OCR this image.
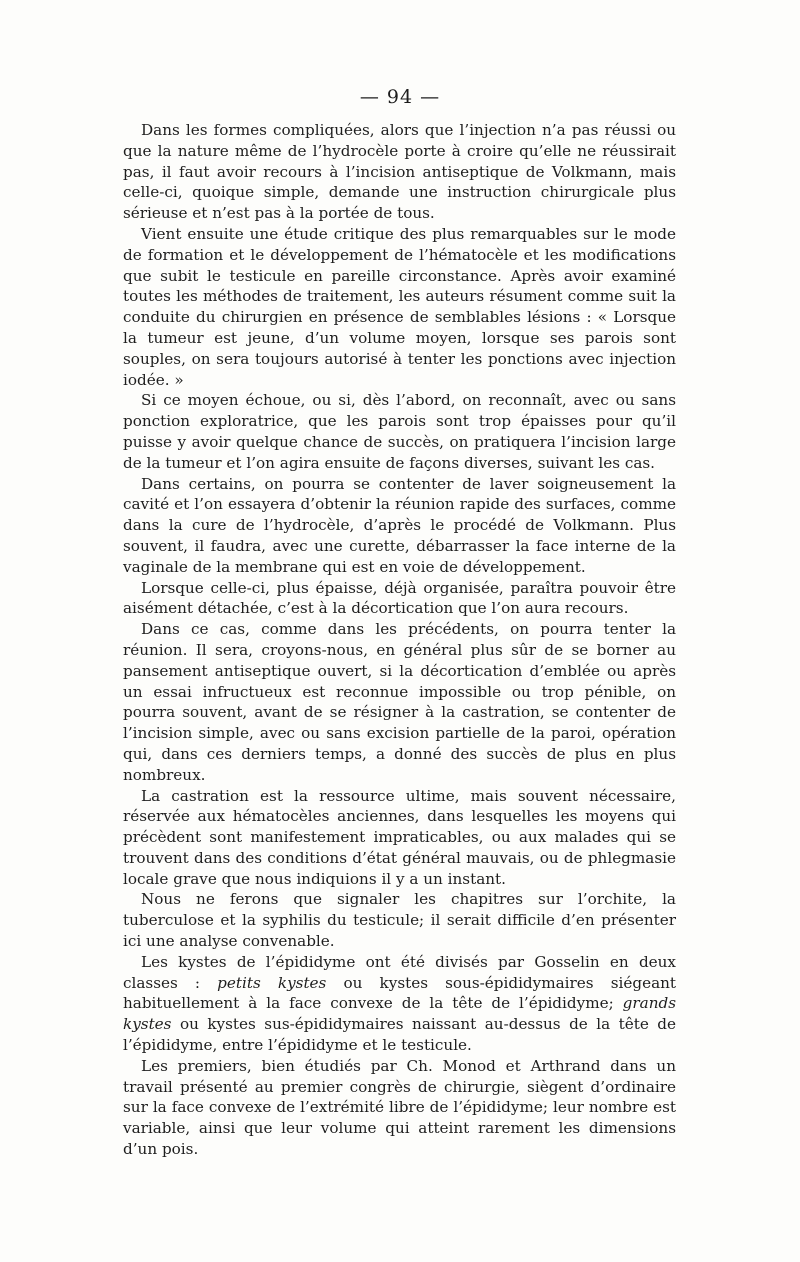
— 94 —

Dans les formes compliquées, alors que l’injection n’a pas réussi ou que la nature même de l’hydrocèle porte à croire qu’elle ne réussirait pas, il faut avoir recours à l’incision antiseptique de Volkmann, mais celle-ci, quoique simple, demande une instruction chirurgicale plus sérieuse et n’est pas à la portée de tous.

Vient ensuite une étude critique des plus remarquables sur le mode de formation et le développement de l’hématocèle et les modifications que subit le testicule en pareille circonstance. Après avoir examiné toutes les méthodes de traitement, les auteurs résument comme suit la conduite du chirurgien en présence de semblables lésions : « Lorsque la tumeur est jeune, d’un volume moyen, lorsque ses parois sont souples, on sera toujours autorisé à tenter les ponctions avec injection iodée. »

Si ce moyen échoue, ou si, dès l’abord, on reconnaît, avec ou sans ponction exploratrice, que les parois sont trop épaisses pour qu’il puisse y avoir quelque chance de succès, on pratiquera l’incision large de la tumeur et l’on agira ensuite de façons diverses, suivant les cas.

Dans certains, on pourra se contenter de laver soigneusement la cavité et l’on essayera d’obtenir la réunion rapide des surfaces, comme dans la cure de l’hydrocèle, d’après le procédé de Volkmann. Plus souvent, il faudra, avec une curette, débarrasser la face interne de la vaginale de la membrane qui est en voie de développement.

Lorsque celle-ci, plus épaisse, déjà organisée, paraîtra pouvoir être aisément détachée, c’est à la décortication que l’on aura recours.

Dans ce cas, comme dans les précédents, on pourra tenter la réunion. Il sera, croyons-nous, en général plus sûr de se borner au pansement antiseptique ouvert, si la décortication d’emblée ou après un essai infructueux est reconnue impossible ou trop pénible, on pourra souvent, avant de se résigner à la castration, se contenter de l’incision simple, avec ou sans excision partielle de la paroi, opération qui, dans ces derniers temps, a donné des succès de plus en plus nombreux.

La castration est la ressource ultime, mais souvent nécessaire, réservée aux hématocèles anciennes, dans lesquelles les moyens qui précèdent sont manifestement impraticables, ou aux malades qui se trouvent dans des conditions d’état général mauvais, ou de phlegmasie locale grave que nous indiquions il y a un instant.

Nous ne ferons que signaler les chapitres sur l’orchite, la tuberculose et la syphilis du testicule; il serait difficile d’en présenter ici une analyse convenable.

Les kystes de l’épididyme ont été divisés par Gosselin en deux classes : petits kystes ou kystes sous-épididymaires siégeant habituellement à la face convexe de la tête de l’épididyme; grands kystes ou kystes sus-épididymaires naissant au-dessus de la tête de l’épididyme, entre l’épididyme et le testicule.

Les premiers, bien étudiés par Ch. Monod et Arthrand dans un travail présenté au premier congrès de chirurgie, siègent d’ordinaire sur la face convexe de l’extrémité libre de l’épididyme; leur nombre est variable, ainsi que leur volume qui atteint rarement les dimensions d’un pois.
